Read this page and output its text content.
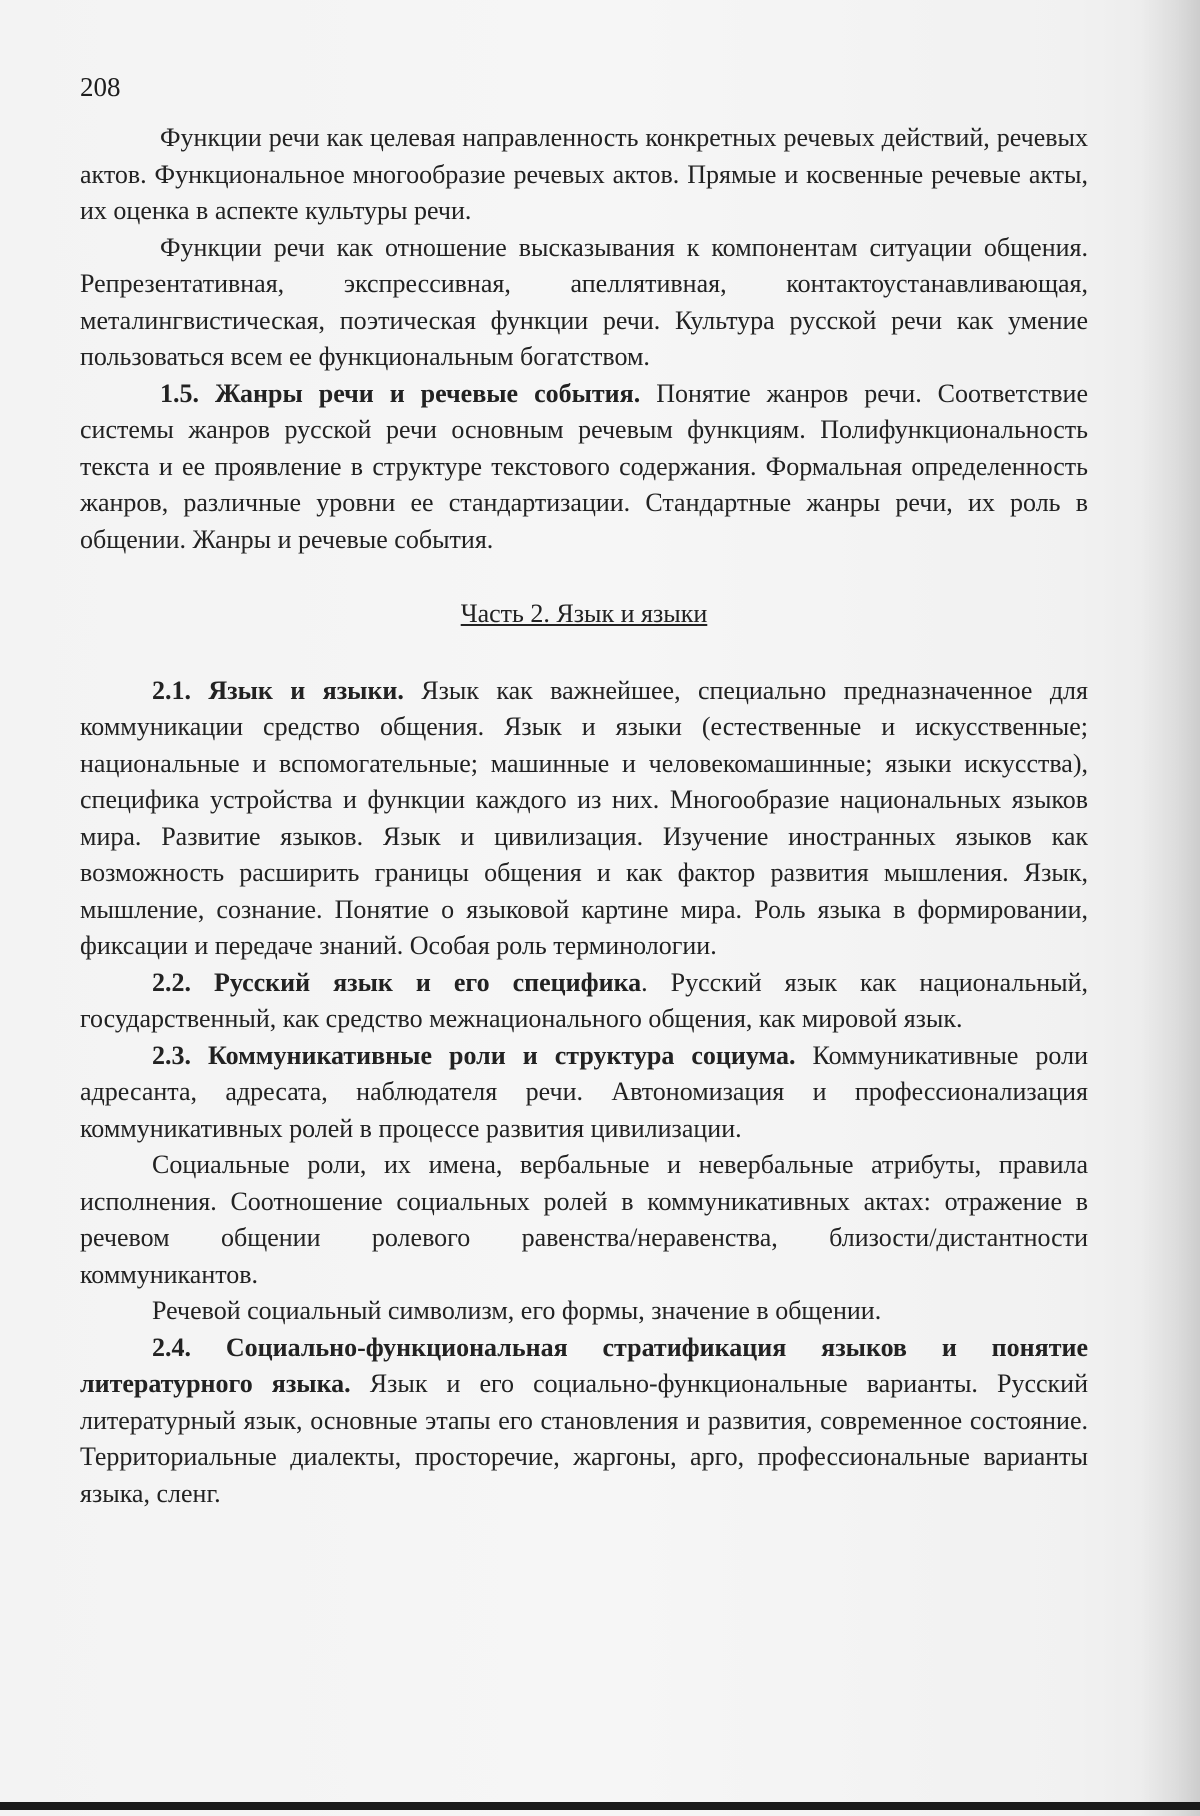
208

Функции речи как целевая направленность конкретных речевых действий, речевых актов. Функциональное многообразие речевых актов. Прямые и косвенные речевые акты, их оценка в аспекте культуры речи.

Функции речи как отношение высказывания к компонентам ситуации общения. Репрезентативная, экспрессивная, апеллятивная, контактоустанавливающая, металингвистическая, поэтическая функции речи. Культура русской речи как умение пользоваться всем ее функциональным богатством.

1.5. Жанры речи и речевые события. Понятие жанров речи. Соответствие системы жанров русской речи основным речевым функциям. Полифункциональность текста и ее проявление в структуре текстового содержания. Формальная определенность жанров, различные уровни ее стандартизации. Стандартные жанры речи, их роль в общении. Жанры и речевые события.

Часть 2. Язык и языки

2.1. Язык и языки. Язык как важнейшее, специально предназначенное для коммуникации средство общения. Язык и языки (естественные и искусственные; национальные и вспомогательные; машинные и человекомашинные; языки искусства), специфика устройства и функции каждого из них. Многообразие национальных языков мира. Развитие языков. Язык и цивилизация. Изучение иностранных языков как возможность расширить границы общения и как фактор развития мышления. Язык, мышление, сознание. Понятие о языковой картине мира. Роль языка в формировании, фиксации и передаче знаний. Особая роль терминологии.

2.2. Русский язык и его специфика. Русский язык как национальный, государственный, как средство межнационального общения, как мировой язык.

2.3. Коммуникативные роли и структура социума. Коммуникативные роли адресанта, адресата, наблюдателя речи. Автономизация и профессионализация коммуникативных ролей в процессе развития цивилизации.

Социальные роли, их имена, вербальные и невербальные атрибуты, правила исполнения. Соотношение социальных ролей в коммуникативных актах: отражение в речевом общении ролевого равенства/неравенства, близости/дистантности коммуникантов.

Речевой социальный символизм, его формы, значение в общении.

2.4. Социально-функциональная стратификация языков и понятие литературного языка. Язык и его социально-функциональные варианты. Русский литературный язык, основные этапы его становления и развития, современное состояние. Территориальные диалекты, просторечие, жаргоны, арго, профессиональные варианты языка, сленг.
